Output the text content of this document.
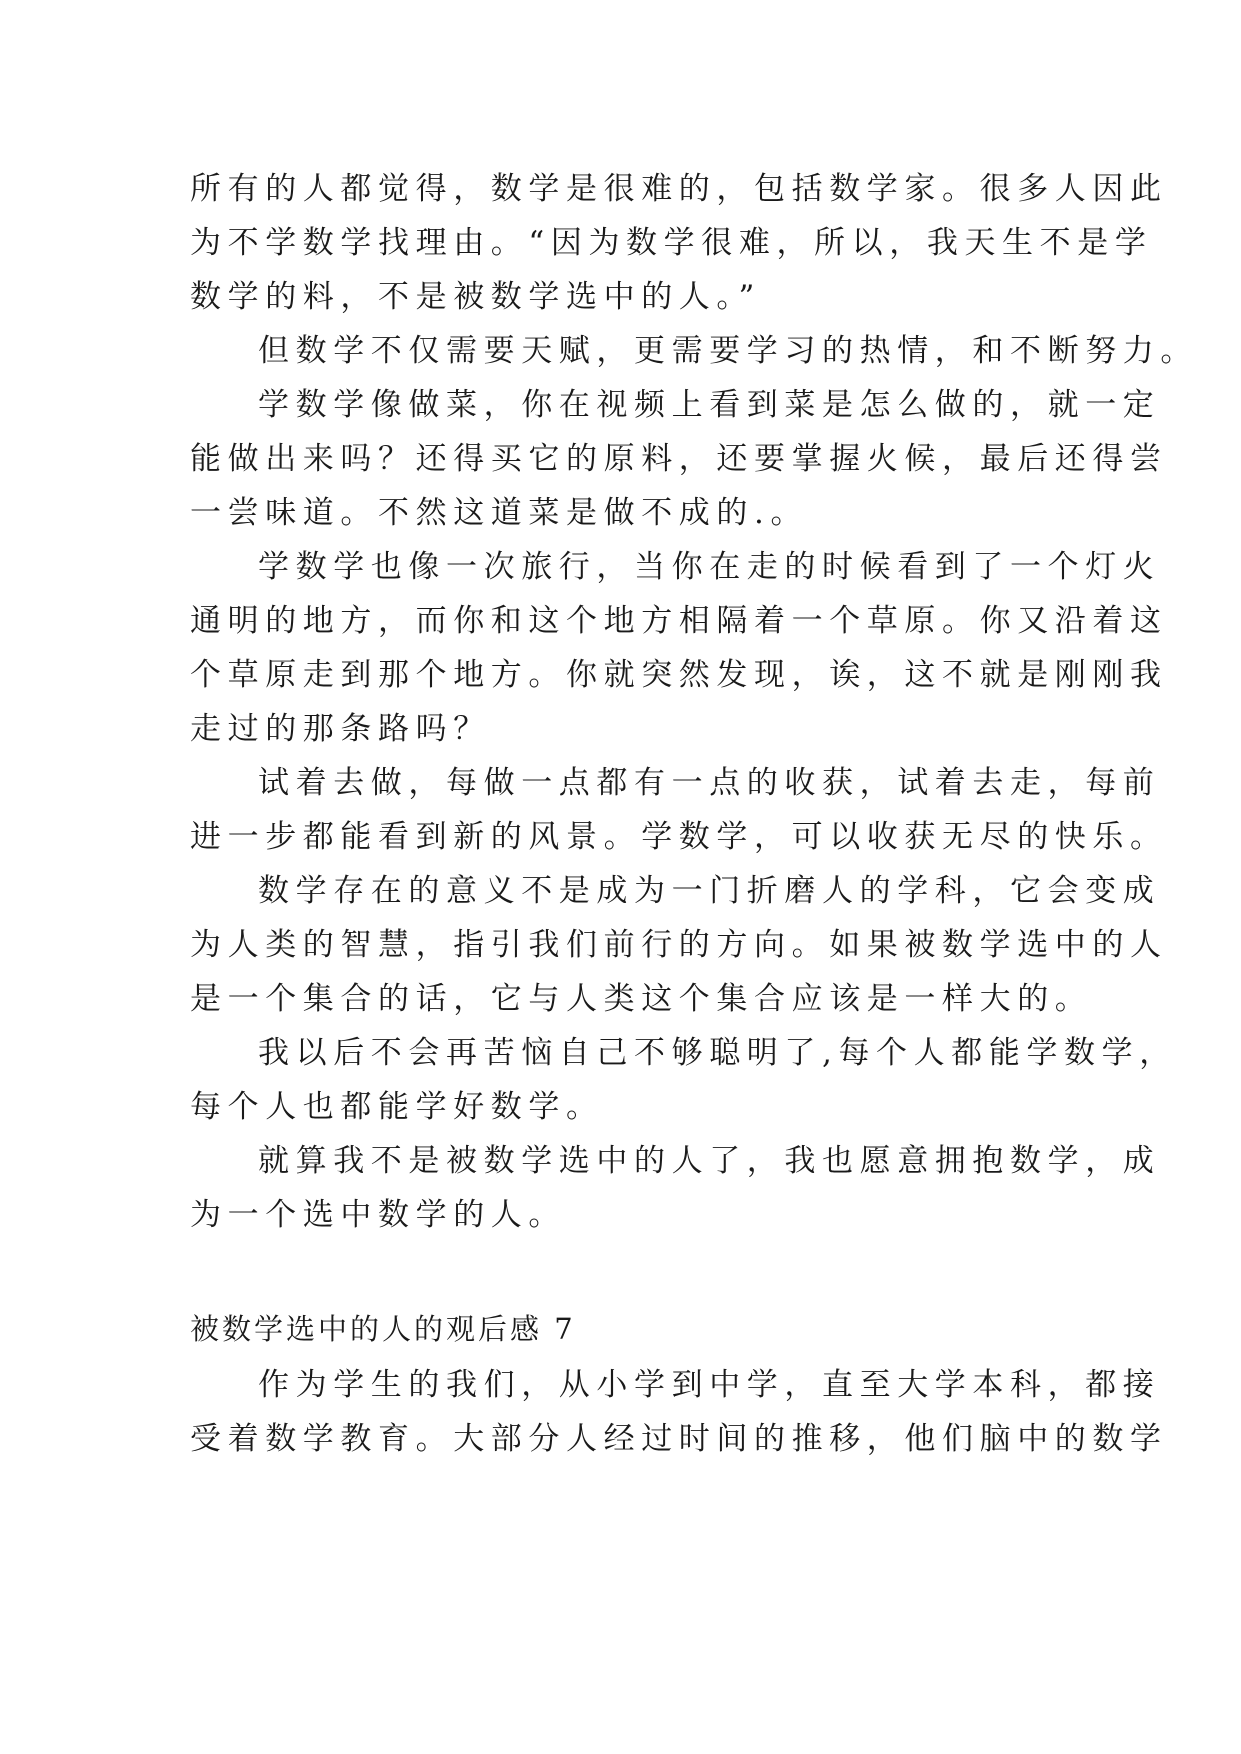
所有的人都觉得，数学是很难的，包括数学家。很多人因此
为不学数学找理由。“因为数学很难，所以，我天生不是学
数学的料，不是被数学选中的人。”
但数学不仅需要天赋，更需要学习的热情，和不断努力。
学数学像做菜，你在视频上看到菜是怎么做的，就一定
能做出来吗？还得买它的原料，还要掌握火候，最后还得尝
一尝味道。不然这道菜是做不成的.。
学数学也像一次旅行，当你在走的时候看到了一个灯火
通明的地方，而你和这个地方相隔着一个草原。你又沿着这
个草原走到那个地方。你就突然发现，诶，这不就是刚刚我
走过的那条路吗？
试着去做，每做一点都有一点的收获，试着去走，每前
进一步都能看到新的风景。学数学，可以收获无尽的快乐。
数学存在的意义不是成为一门折磨人的学科，它会变成
为人类的智慧，指引我们前行的方向。如果被数学选中的人
是一个集合的话，它与人类这个集合应该是一样大的。
我以后不会再苦恼自己不够聪明了,每个人都能学数学，
每个人也都能学好数学。
就算我不是被数学选中的人了，我也愿意拥抱数学，成
为一个选中数学的人。
被数学选中的人的观后感 7
作为学生的我们，从小学到中学，直至大学本科，都接
受着数学教育。大部分人经过时间的推移，他们脑中的数学
